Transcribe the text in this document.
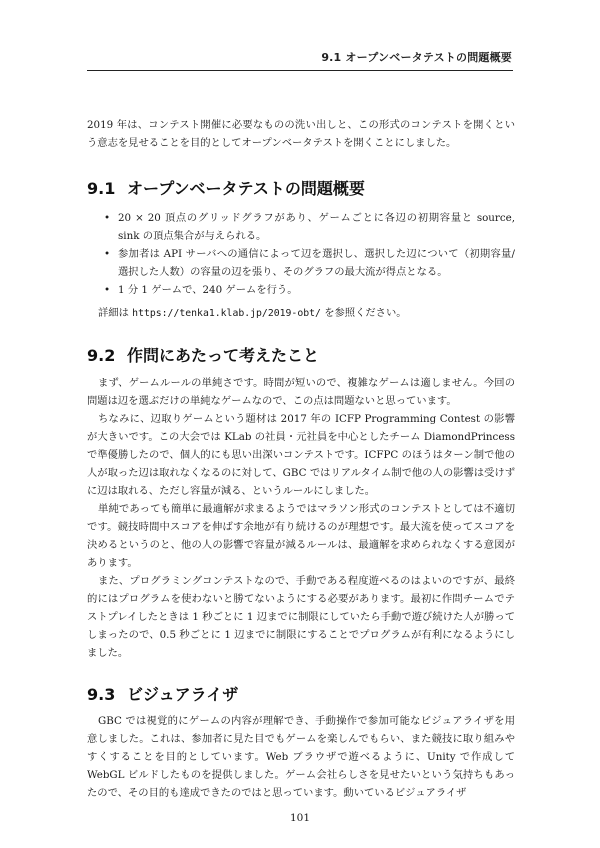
9.1 オープンベータテストの問題概要

2019 年は、コンテスト開催に必要なものの洗い出しと、この形式のコンテストを開くという意志を見せることを目的としてオープンベータテストを開くことにしました。

9.1 オープンベータテストの問題概要
• 20 × 20 頂点のグリッドグラフがあり、ゲームごとに各辺の初期容量と source, sink の頂点集合が与えられる。
• 参加者は API サーバへの通信によって辺を選択し、選択した辺について（初期容量/選択した人数）の容量の辺を張り、そのグラフの最大流が得点となる。
• 1 分 1 ゲームで、240 ゲームを行う。

詳細は https://tenka1.klab.jp/2019-obt/ を参照ください。

9.2 作問にあたって考えたこと

まず、ゲームルールの単純さです。時間が短いので、複雑なゲームは適しません。今回の問題は辺を選ぶだけの単純なゲームなので、この点は問題ないと思っています。

ちなみに、辺取りゲームという題材は 2017 年の ICFP Programming Contest の影響が大きいです。この大会では KLab の社員・元社員を中心としたチーム DiamondPrincess で準優勝したので、個人的にも思い出深いコンテストです。ICFPC のほうはターン制で他の人が取った辺は取れなくなるのに対して、GBC ではリアルタイム制で他の人の影響は受けずに辺は取れる、ただし容量が減る、というルールにしました。

単純であっても簡単に最適解が求まるようではマラソン形式のコンテストとしては不適切です。競技時間中スコアを伸ばす余地が有り続けるのが理想です。最大流を使ってスコアを決めるというのと、他の人の影響で容量が減るルールは、最適解を求められなくする意図があります。

また、プログラミングコンテストなので、手動である程度遊べるのはよいのですが、最終的にはプログラムを使わないと勝てないようにする必要があります。最初に作問チームでテストプレイしたときは 1 秒ごとに 1 辺までに制限にしていたら手動で遊び続けた人が勝ってしまったので、0.5 秒ごとに 1 辺までに制限にすることでプログラムが有利になるようにしました。

9.3 ビジュアライザ

GBC では視覚的にゲームの内容が理解でき、手動操作で参加可能なビジュアライザを用意しました。これは、参加者に見た目でもゲームを楽しんでもらい、また競技に取り組みやすくすることを目的としています。Web ブラウザで遊べるように、Unity で作成して WebGL ビルドしたものを提供しました。ゲーム会社らしさを見せたいという気持ちもあったので、その目的も達成できたのではと思っています。動いているビジュアライザ

101
